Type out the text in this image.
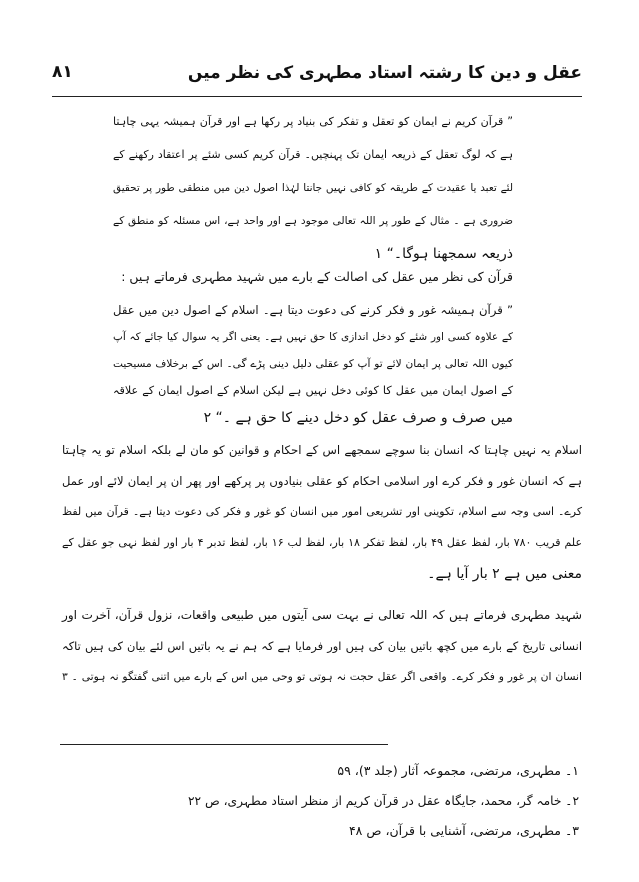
عقل و دین کا رشتہ استاد مطہری کی نظر میں
۸۱
” قرآن کریم نے ایمان کو تعقل و تفکر کی بنیاد پر رکھا ہے اور قرآن ہمیشہ یہی چاہتا
ہے کہ لوگ تعقل کے ذریعہ ایمان تک پہنچیں۔ قرآن کریم کسی شئے پر اعتقاد رکھنے کے
لئے تعبد یا عقیدت کے طریقہ کو کافی نہیں جانتا لہٰذا اصول دین میں منطقی طور پر تحقیق
ضروری ہے ۔ مثال کے طور پر اللہ تعالی موجود ہے اور واحد ہے، اس مسئلہ کو منطق کے
ذریعہ سمجھنا ہوگا۔“ ۱
قرآن کی نظر میں عقل کی اصالت کے بارے میں شہید مطہری فرماتے ہیں :
” قرآن ہمیشہ غور و فکر کرنے کی دعوت دیتا ہے۔ اسلام کے اصول دین میں عقل
کے علاوہ کسی اور شئے کو دخل اندازی کا حق نہیں ہے۔ یعنی اگر یہ سوال کیا جائے کہ آپ
کیوں اللہ تعالی پر ایمان لائے تو آپ کو عقلی دلیل دینی پڑے گی۔ اس کے برخلاف مسیحیت
کے اصول ایمان میں عقل کا کوئی دخل نہیں ہے لیکن اسلام کے اصول ایمان کے علاقہ
میں صرف و صرف عقل کو دخل دینے کا حق ہے ۔“ ۲
اسلام یہ نہیں چاہتا کہ انسان بنا سوچے سمجھے اس کے احکام و قوانین کو مان لے بلکہ اسلام تو یہ چاہتا
ہے کہ انسان غور و فکر کرے اور اسلامی احکام کو عقلی بنیادوں پر پرکھے اور پھر ان پر ایمان لائے اور عمل
کرے۔ اسی وجہ سے اسلام، تکوینی اور تشریعی امور میں انسان کو غور و فکر کی دعوت دیتا ہے۔ قرآن میں لفظ
علم قریب ۷۸۰ بار، لفظ عقل ۴۹ بار، لفظ تفکر ۱۸ بار، لفظ لب ۱۶ بار، لفظ تدبر ۴ بار اور لفظ نہی جو عقل کے
معنی میں ہے ۲ بار آیا ہے۔
شہید مطہری فرماتے ہیں کہ اللہ تعالی نے بہت سی آیتوں میں طبیعی واقعات، نزول قرآن، آخرت اور
انسانی تاریخ کے بارے میں کچھ باتیں بیان کی ہیں اور فرمایا ہے کہ ہم نے یہ باتیں اس لئے بیان کی ہیں تاکہ
انسان ان پر غور و فکر کرے۔ واقعی اگر عقل حجت نہ ہوتی تو وحی میں اس کے بارے میں اتنی گفتگو نہ ہوتی ۔ ۳
۱۔ مطہری، مرتضی، مجموعہ آثار (جلد ۳)، ۵۹
۲۔ خامہ گر، محمد، جایگاہ عقل در قرآن کریم از منظر استاد مطہری، ص ۲۲
۳۔ مطہری، مرتضی، آشنایی با قرآن، ص ۴۸
